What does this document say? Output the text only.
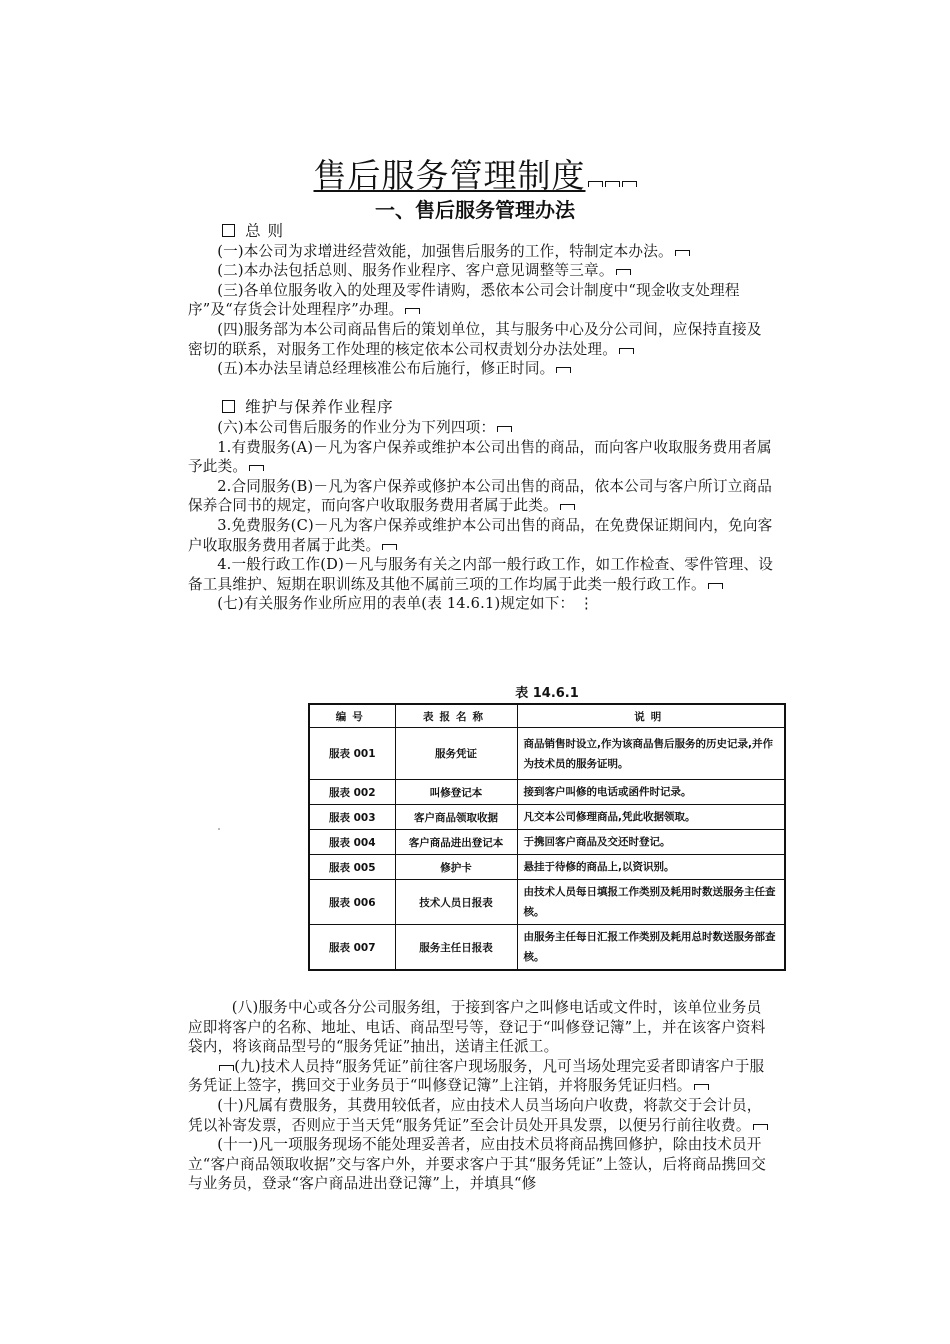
售后服务管理制度
一、售后服务管理办法

总 则

(一)本公司为求增进经营效能，加强售后服务的工作，特制定本办法。

(二)本办法包括总则、服务作业程序、客户意见调整等三章。

(三)各单位服务收入的处理及零件请购，悉依本公司会计制度中“现金收支处理程序”及“存货会计处理程序”办理。

(四)服务部为本公司商品售后的策划单位，其与服务中心及分公司间，应保持直接及密切的联系，对服务工作处理的核定依本公司权责划分办法处理。

(五)本办法呈请总经理核准公布后施行，修正时同。

维护与保养作业程序

(六)本公司售后服务的作业分为下列四项：

1.有费服务(A)－凡为客户保养或维护本公司出售的商品，而向客户收取服务费用者属予此类。

2.合同服务(B)－凡为客户保养或修护本公司出售的商品，依本公司与客户所订立商品保养合同书的规定，而向客户收取服务费用者属于此类。

3.免费服务(C)－凡为客户保养或维护本公司出售的商品，在免费保证期间内，免向客户收取服务费用者属于此类。

4.一般行政工作(D)－凡与服务有关之内部一般行政工作，如工作检查、零件管理、设备工具维护、短期在职训练及其他不属前三项的工作均属于此类一般行政工作。

(七)有关服务作业所应用的表单(表 14.6.1)规定如下： ⋮

表 14.6.1
编号	表报名称	说明
服表 001	服务凭证	商品销售时设立,作为该商品售后服务的历史记录,并作为技术员的服务证明。
服表 002	叫修登记本	接到客户叫修的电话或函件时记录。
服表 003	客户商品领取收据	凡交本公司修理商品,凭此收据领取。
服表 004	客户商品进出登记本	于携回客户商品及交还时登记。
服表 005	修护卡	悬挂于待修的商品上,以资识别。
服表 006	技术人员日报表	由技术人员每日填报工作类别及耗用时数送服务主任查核。
服表 007	服务主任日报表	由服务主任每日汇报工作类别及耗用总时数送服务部查核。

(八)服务中心或各分公司服务组，于接到客户之叫修电话或文件时，该单位业务员应即将客户的名称、地址、电话、商品型号等，登记于“叫修登记簿”上，并在该客户资料袋内，将该商品型号的“服务凭证”抽出，送请主任派工。

(九)技术人员持“服务凭证”前往客户现场服务，凡可当场处理完妥者即请客户于服务凭证上签字，携回交于业务员于“叫修登记簿”上注销，并将服务凭证归档。

(十)凡属有费服务，其费用较低者，应由技术人员当场向户收费，将款交于会计员，凭以补寄发票，否则应于当天凭“服务凭证”至会计员处开具发票，以便另行前往收费。

(十一)凡一项服务现场不能处理妥善者，应由技术员将商品携回修护，除由技术员开立“客户商品领取收据”交与客户外，并要求客户于其“服务凭证”上签认，后将商品携回交与业务员，登录“客户商品进出登记簿”上，并填具“修
